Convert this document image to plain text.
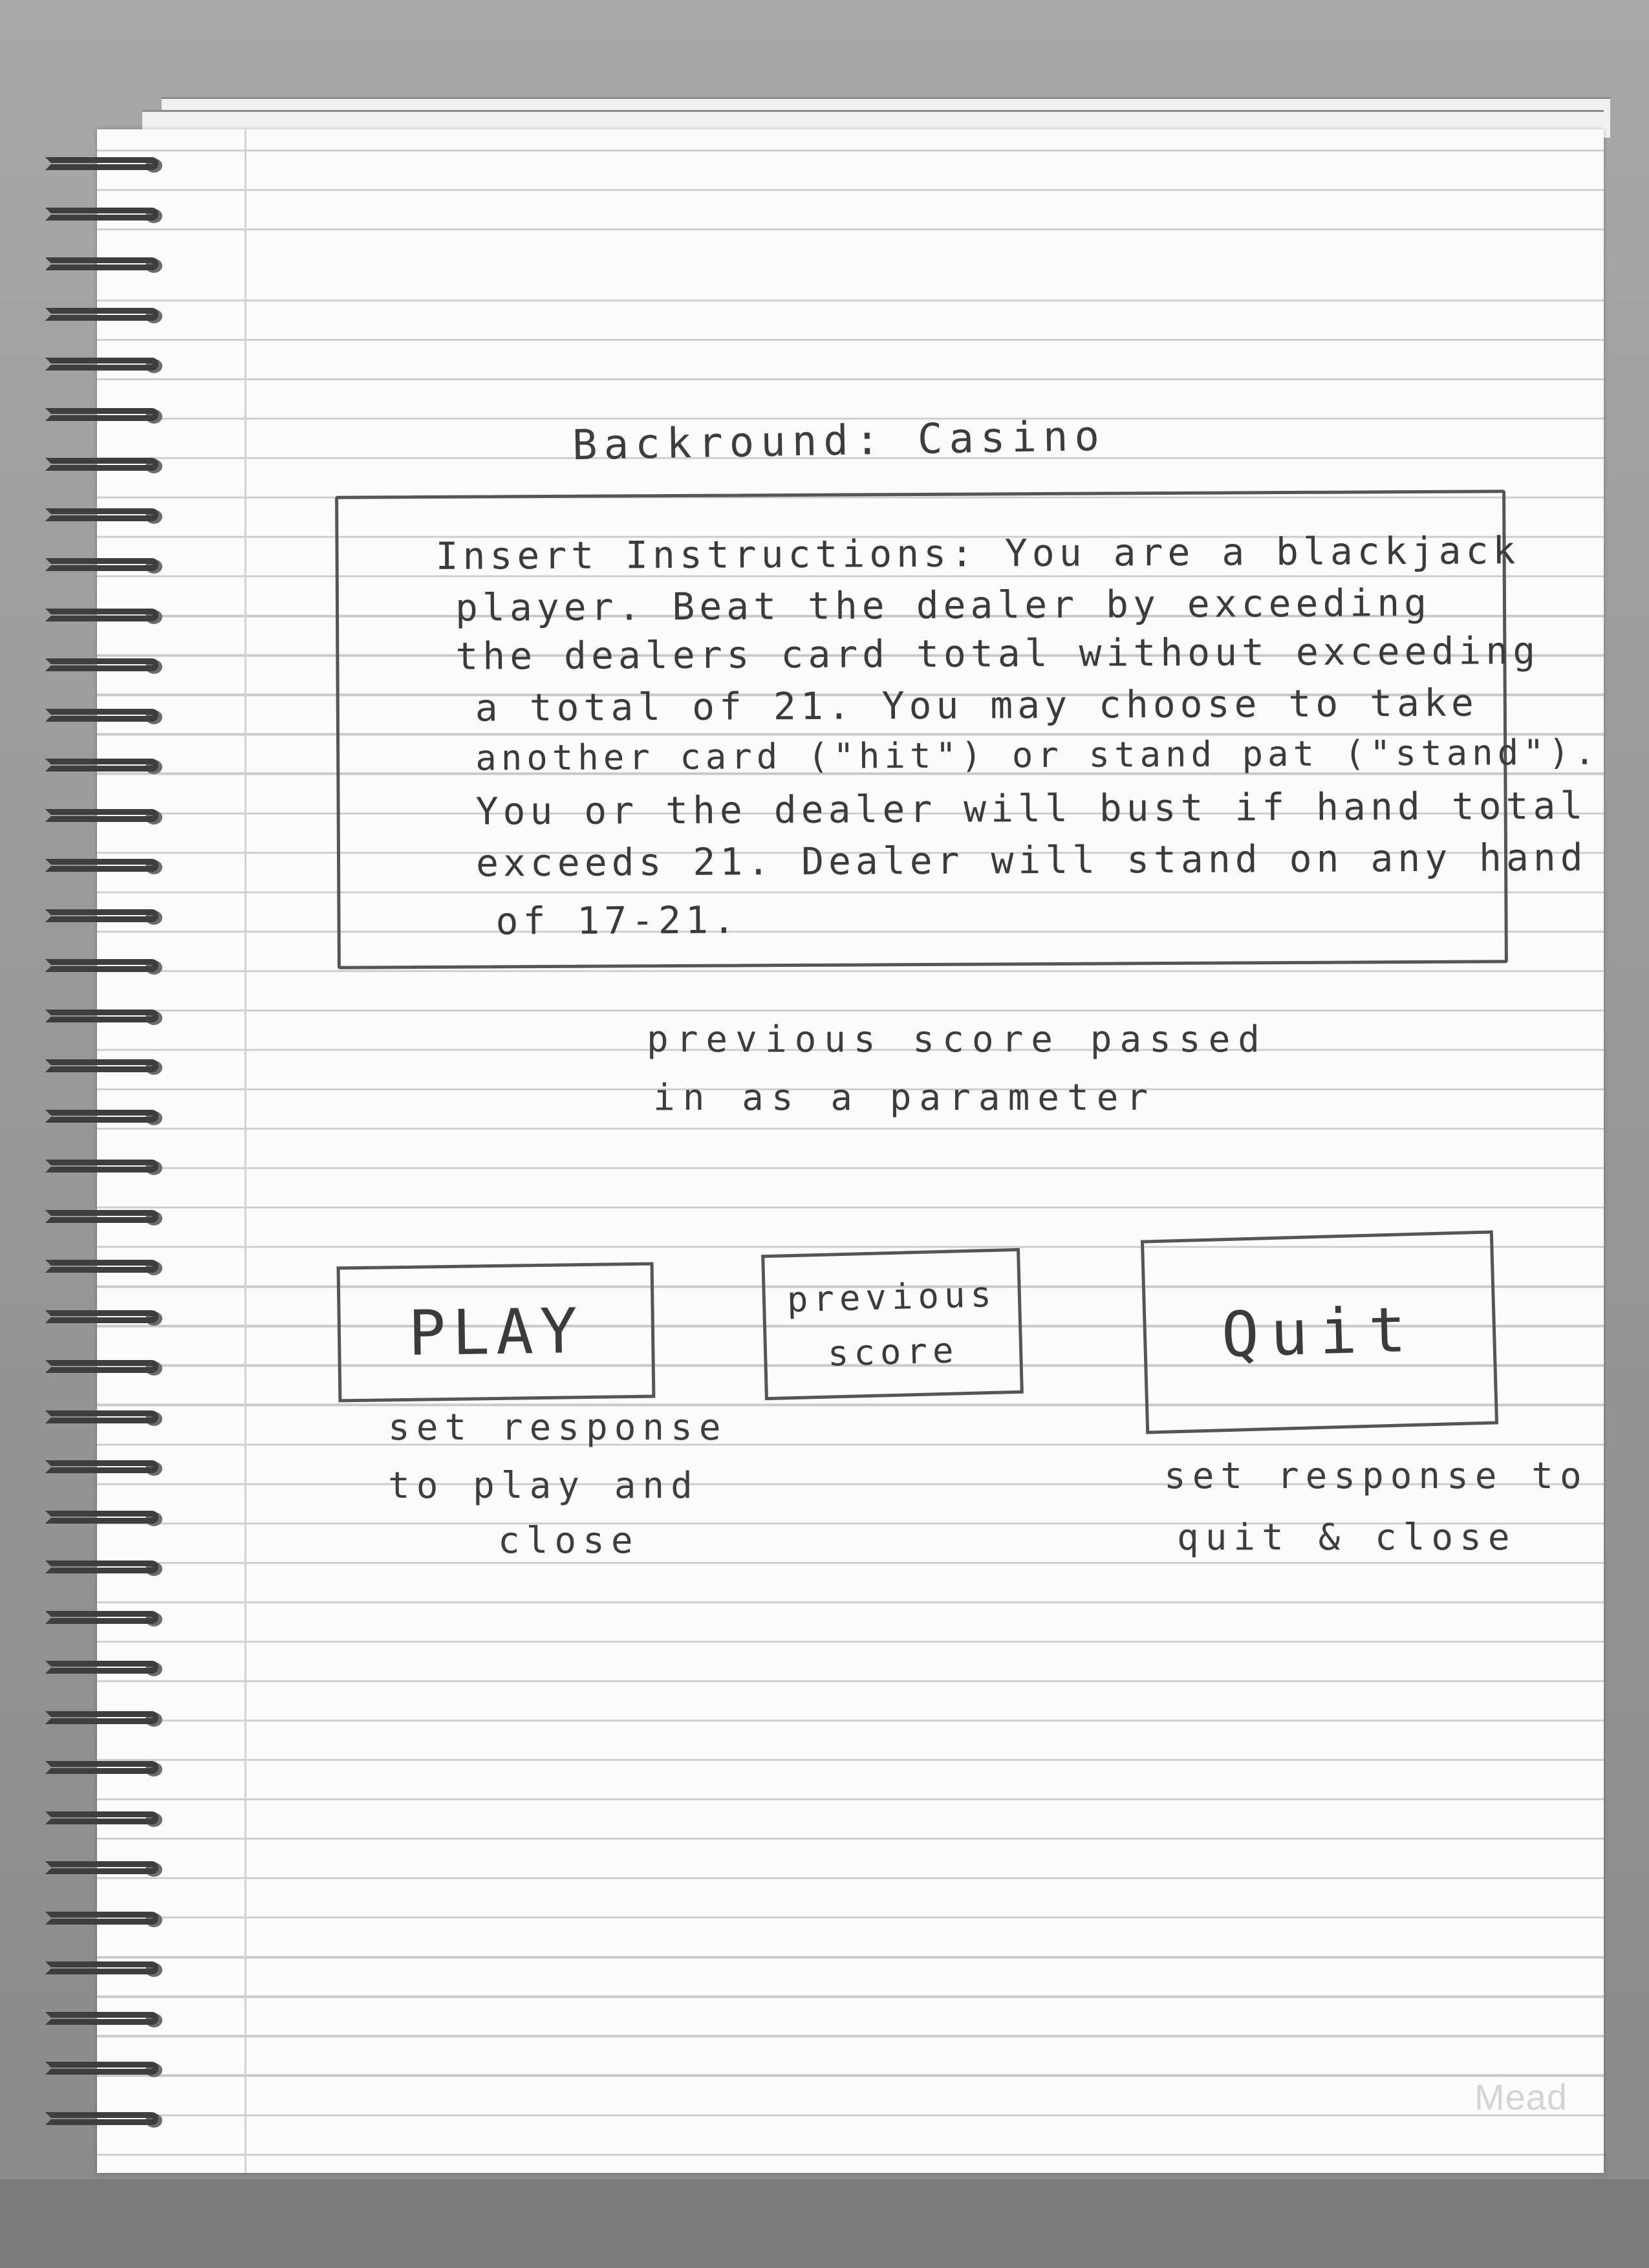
Backround: Casino
Insert Instructions: You are a blackjack
player. Beat the dealer by exceeding
the dealers card total without exceeding
a total of 21. You may choose to take
another card ("hit") or stand pat ("stand").
You or the dealer will bust if hand total
exceeds 21. Dealer will stand on any hand
of 17-21.
previous score passed
in as a parameter
PLAY	previous
score	Quit
set response
to play and
close
set response to
quit & close
Mead
